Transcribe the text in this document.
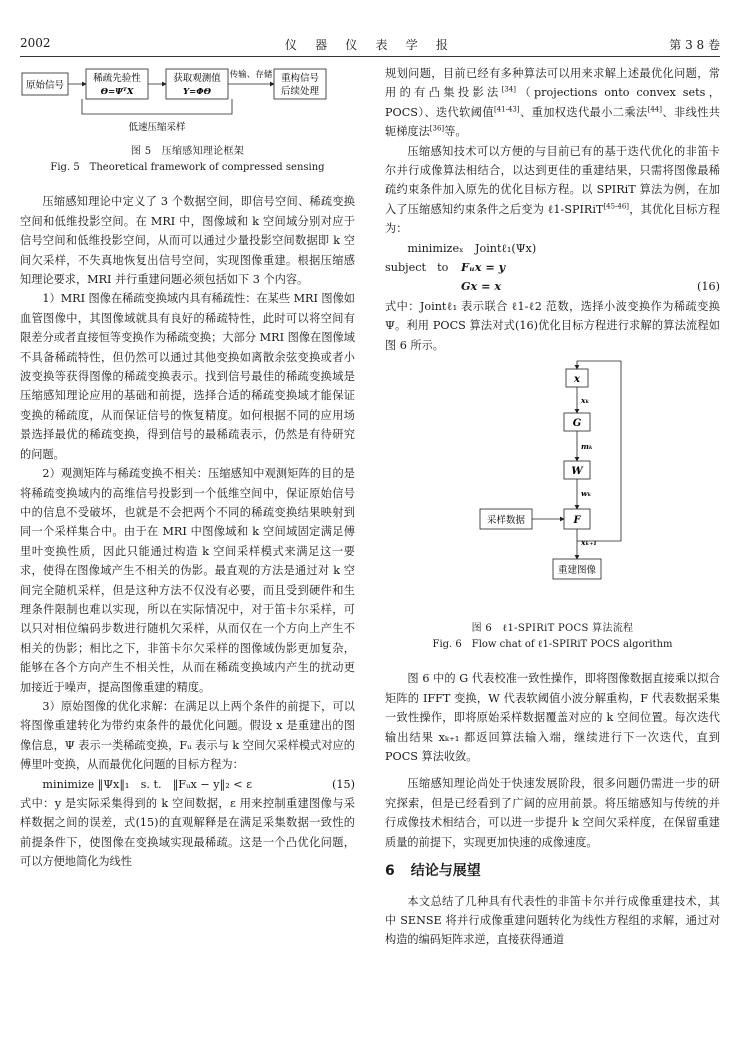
2002	仪 器 仪 表 学 报	第 3 8 卷
原始信号
稀疏先验性
Θ=ΨᵀX
获取观测值
Y=ΦΘ
传输、存储 重构信号
后续处理
低速压缩采样
图 5　压缩感知理论框架
Fig. 5　Theoretical framework of compressed sensing

压缩感知理论中定义了 3 个数据空间，即信号空间、稀疏变换空间和低维投影空间。在 MRI 中，图像域和 k 空间域分别对应于信号空间和低维投影空间，从而可以通过少量投影空间数据即 k 空间欠采样，不失真地恢复出信号空间，实现图像重建。根据压缩感知理论要求，MRI 并行重建问题必须包括如下 3 个内容。

1）MRI 图像在稀疏变换域内具有稀疏性：在某些 MRI 图像如血管图像中，其图像域就具有良好的稀疏特性，此时可以将空间有限差分或者直接恒等变换作为稀疏变换；大部分 MRI 图像在图像域不具备稀疏特性，但仍然可以通过其他变换如离散余弦变换或者小波变换等获得图像的稀疏变换表示。找到信号最佳的稀疏变换域是压缩感知理论应用的基础和前提，选择合适的稀疏变换域才能保证变换的稀疏度，从而保证信号的恢复精度。如何根据不同的应用场景选择最优的稀疏变换，得到信号的最稀疏表示，仍然是有待研究的问题。

2）观测矩阵与稀疏变换不相关：压缩感知中观测矩阵的目的是将稀疏变换域内的高维信号投影到一个低维空间中，保证原始信号中的信息不受破坏，也就是不会把两个不同的稀疏变换结果映射到同一个采样集合中。由于在 MRI 中图像域和 k 空间域固定满足傅里叶变换性质，因此只能通过构造 k 空间采样模式来满足这一要求，使得在图像域产生不相关的伪影。最直观的方法是通过对 k 空间完全随机采样，但是这种方法不仅没有必要，而且受到硬件和生理条件限制也难以实现，所以在实际情况中，对于笛卡尔采样，可以只对相位编码步数进行随机欠采样，从而仅在一个方向上产生不相关的伪影；相比之下，非笛卡尔欠采样的图像域伪影更加复杂，能够在各个方向产生不相关性，从而在稀疏变换域内产生的扰动更加接近于噪声，提高图像重建的精度。

3）原始图像的优化求解：在满足以上两个条件的前提下，可以将图像重建转化为带约束条件的最优化问题。假设 x 是重建出的图像信息，Ψ 表示一类稀疏变换，Fᵤ 表示与 k 空间欠采样模式对应的傅里叶变换，从而最优化问题的目标方程为：

minimize ‖Ψx‖₁　s. t.　‖Fᵤx − y‖₂ < ε	(15)

式中：y 是实际采集得到的 k 空间数据，ε 用来控制重建图像与采样数据之间的误差，式(15)的直观解释是在满足采集数据一致性的前提条件下，使图像在变换域实现最稀疏。这是一个凸优化问题，可以方便地简化为线性

规划问题，目前已经有多种算法可以用来求解上述最优化问题，常用的有凸集投影法[34]（projections onto convex sets，POCS）、迭代软阈值[41-43]、重加权迭代最小二乘法[44]、非线性共轭梯度法[36]等。

压缩感知技术可以方便的与目前已有的基于迭代优化的非笛卡尔并行成像算法相结合，以达到更佳的重建结果，只需将图像最稀疏约束条件加入原先的优化目标方程。以 SPIRiT 算法为例，在加入了压缩感知约束条件之后变为 ℓ1-SPIRiT[45-46]，其优化目标方程为：

minimizeₓ　Jointℓ₁(Ψx)
subject　to Fᵤx = y
Gx = x	(16)

式中：Jointℓ₁ 表示联合 ℓ1-ℓ2 范数，选择小波变换作为稀疏变换 Ψ。利用 POCS 算法对式(16)优化目标方程进行求解的算法流程如图 6 所示。

x
xₖ
G
mₖ
W
wₖ
采样数据	F
xₖ₊₁
重建图像
图 6　ℓ1-SPIRiT POCS 算法流程
Fig. 6　Flow chat of ℓ1-SPIRiT POCS algorithm

图 6 中的 G 代表校准一致性操作，即将图像数据直接乘以拟合矩阵的 IFFT 变换，W 代表软阈值小波分解重构，F 代表数据采集一致性操作，即将原始采样数据覆盖对应的 k 空间位置。每次迭代输出结果 xₖ₊₁ 都返回算法输入端，继续进行下一次迭代，直到 POCS 算法收敛。

压缩感知理论尚处于快速发展阶段，很多问题仍需进一步的研究探索，但是已经看到了广阔的应用前景。将压缩感知与传统的并行成像技术相结合，可以进一步提升 k 空间欠采样度，在保留重建质量的前提下，实现更加快速的成像速度。

6 结论与展望

本文总结了几种具有代表性的非笛卡尔并行成像重建技术，其中 SENSE 将并行成像重建问题转化为线性方程组的求解，通过对构造的编码矩阵求逆，直接获得通道
